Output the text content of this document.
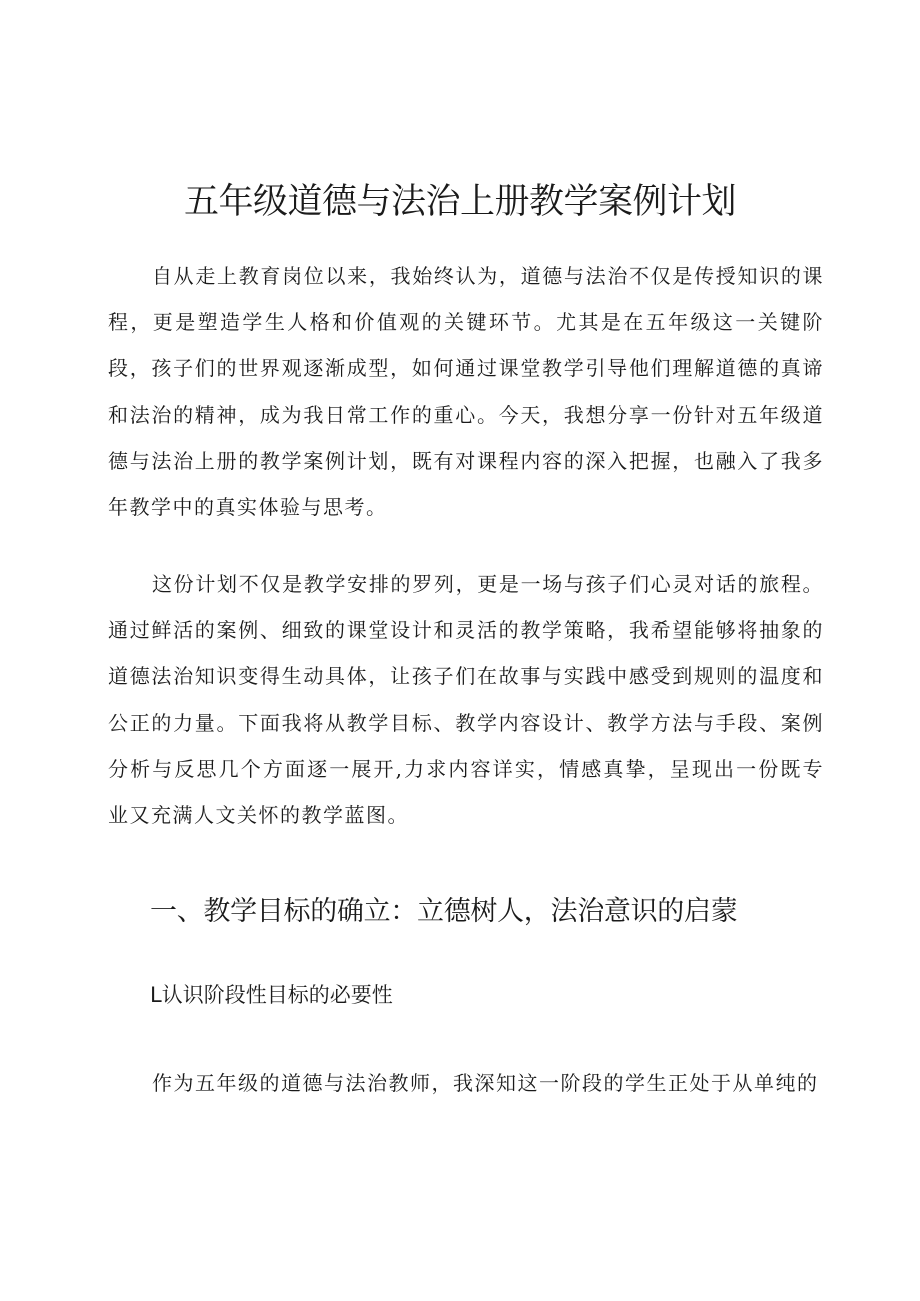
五年级道德与法治上册教学案例计划

自从走上教育岗位以来，我始终认为，道德与法治不仅是传授知识的课程，更是塑造学生人格和价值观的关键环节。尤其是在五年级这一关键阶段，孩子们的世界观逐渐成型，如何通过课堂教学引导他们理解道德的真谛和法治的精神，成为我日常工作的重心。今天，我想分享一份针对五年级道德与法治上册的教学案例计划，既有对课程内容的深入把握，也融入了我多年教学中的真实体验与思考。

这份计划不仅是教学安排的罗列，更是一场与孩子们心灵对话的旅程。通过鲜活的案例、细致的课堂设计和灵活的教学策略，我希望能够将抽象的道德法治知识变得生动具体，让孩子们在故事与实践中感受到规则的温度和公正的力量。下面我将从教学目标、教学内容设计、教学方法与手段、案例分析与反思几个方面逐一展开,力求内容详实，情感真挚，呈现出一份既专业又充满人文关怀的教学蓝图。

一、教学目标的确立：立德树人，法治意识的启蒙
L认识阶段性目标的必要性

作为五年级的道德与法治教师，我深知这一阶段的学生正处于从单纯的
